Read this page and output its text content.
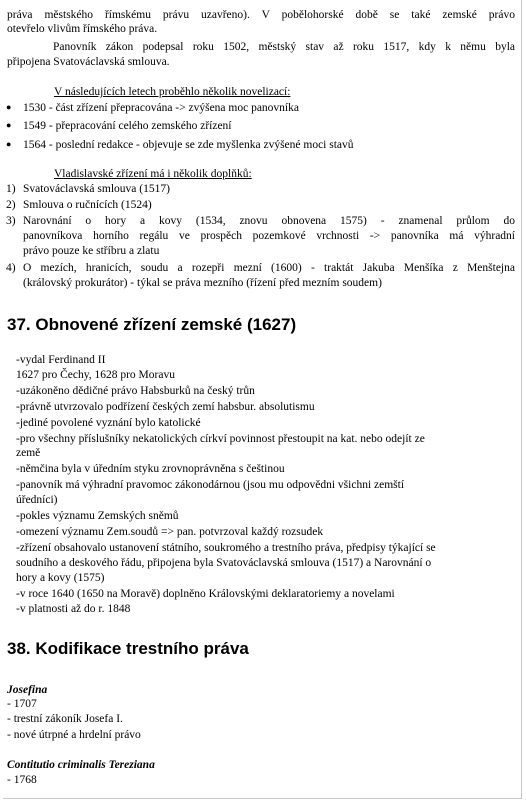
práva městského římskému právu uzavřeno). V pobělohorské době se také zemské právo
otevřelo vlivům římského práva.
Panovník zákon podepsal roku 1502, městský stav až roku 1517, kdy k němu byla
připojena Svatováclavská smlouva.
V následujících letech proběhlo několik novelizací:
● 1530 - část zřízení přepracována -> zvýšena moc panovníka
● 1549 - přepracování celého zemského zřízení
● 1564 - poslední redakce - objevuje se zde myšlenka zvýšené moci stavů
Vladislavské zřízení má i několik doplňků:
1) Svatováclavská smlouva (1517)
2) Smlouva o ručnících (1524)
3) Narovnání o hory a kovy (1534, znovu obnovena 1575) - znamenal průlom do
panovníkova horního regálu ve prospěch pozemkové vrchnosti -> panovníka má výhradní
právo pouze ke stříbru a zlatu
4) O mezích, hranicích, soudu a rozepři mezní (1600) - traktát Jakuba Menšíka z Menštejna
(královský prokurátor) - týkal se práva mezního (řízení před mezním soudem)
37. Obnovené zřízení zemské (1627)
-vydal Ferdinand II
1627 pro Čechy, 1628 pro Moravu
-uzákoněno dědičné právo Habsburků na český trůn
-právně utvrzovalo podřízení českých zemí habsbur. absolutismu
-jediné povolené vyznání bylo katolické
-pro všechny příslušníky nekatolických církví povinnost přestoupit na kat. nebo odejít ze
země
-němčina byla v úředním styku zrovnoprávněna s češtinou
-panovník má výhradní pravomoc zákonodárnou (jsou mu odpovědni všichni zemští
úředníci)
-pokles významu Zemských sněmů
-omezení významu Zem.soudů => pan. potvrzoval každý rozsudek
-zřízení obsahovalo ustanovení státního, soukromého a trestního práva, předpisy týkající se
soudního a deskového řádu, připojena byla Svatováclavská smlouva (1517) a Narovnání o
hory a kovy (1575)
-v roce 1640 (1650 na Moravě) doplněno Královskými deklaratoriemy a novelami
-v platnosti až do r. 1848
38. Kodifikace trestního práva
Josefina
- 1707
- trestní zákoník Josefa I.
- nové útrpné a hrdelní právo
Contitutio criminalis Tereziana
- 1768
